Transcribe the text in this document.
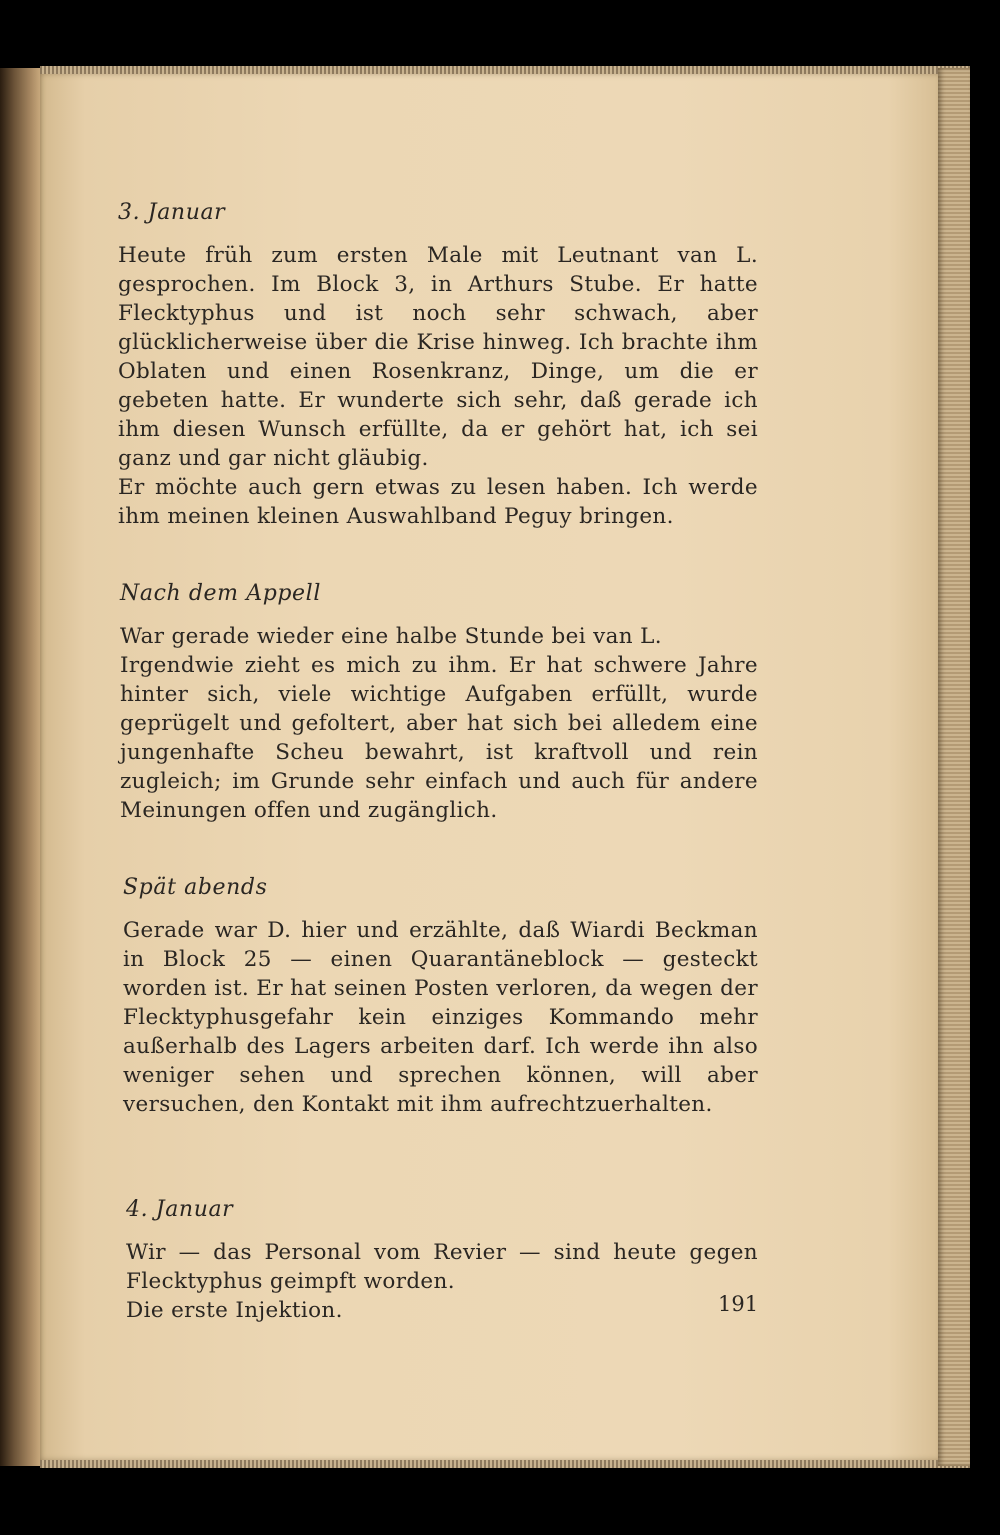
3. Januar

Heute früh zum ersten Male mit Leutnant van L. gesprochen. Im Block 3, in Arthurs Stube. Er hatte Flecktyphus und ist noch sehr schwach, aber glücklicherweise über die Krise hinweg. Ich brachte ihm Oblaten und einen Rosenkranz, Dinge, um die er gebeten hatte. Er wunderte sich sehr, daß gerade ich ihm diesen Wunsch erfüllte, da er gehört hat, ich sei ganz und gar nicht gläubig.

Er möchte auch gern etwas zu lesen haben. Ich werde ihm meinen kleinen Auswahlband Peguy bringen.

Nach dem Appell

War gerade wieder eine halbe Stunde bei van L.

Irgendwie zieht es mich zu ihm. Er hat schwere Jahre hinter sich, viele wichtige Aufgaben erfüllt, wurde geprügelt und gefoltert, aber hat sich bei alledem eine jungenhafte Scheu bewahrt, ist kraftvoll und rein zugleich; im Grunde sehr einfach und auch für andere Meinungen offen und zugänglich.

Spät abends

Gerade war D. hier und erzählte, daß Wiardi Beckman in Block 25 — einen Quarantäneblock — gesteckt worden ist. Er hat seinen Posten verloren, da wegen der Flecktyphusgefahr kein einziges Kommando mehr außerhalb des Lagers arbeiten darf. Ich werde ihn also weniger sehen und sprechen können, will aber versuchen, den Kontakt mit ihm aufrechtzuerhalten.

4. Januar

Wir — das Personal vom Revier — sind heute gegen Flecktyphus geimpft worden.

Die erste Injektion.	191
